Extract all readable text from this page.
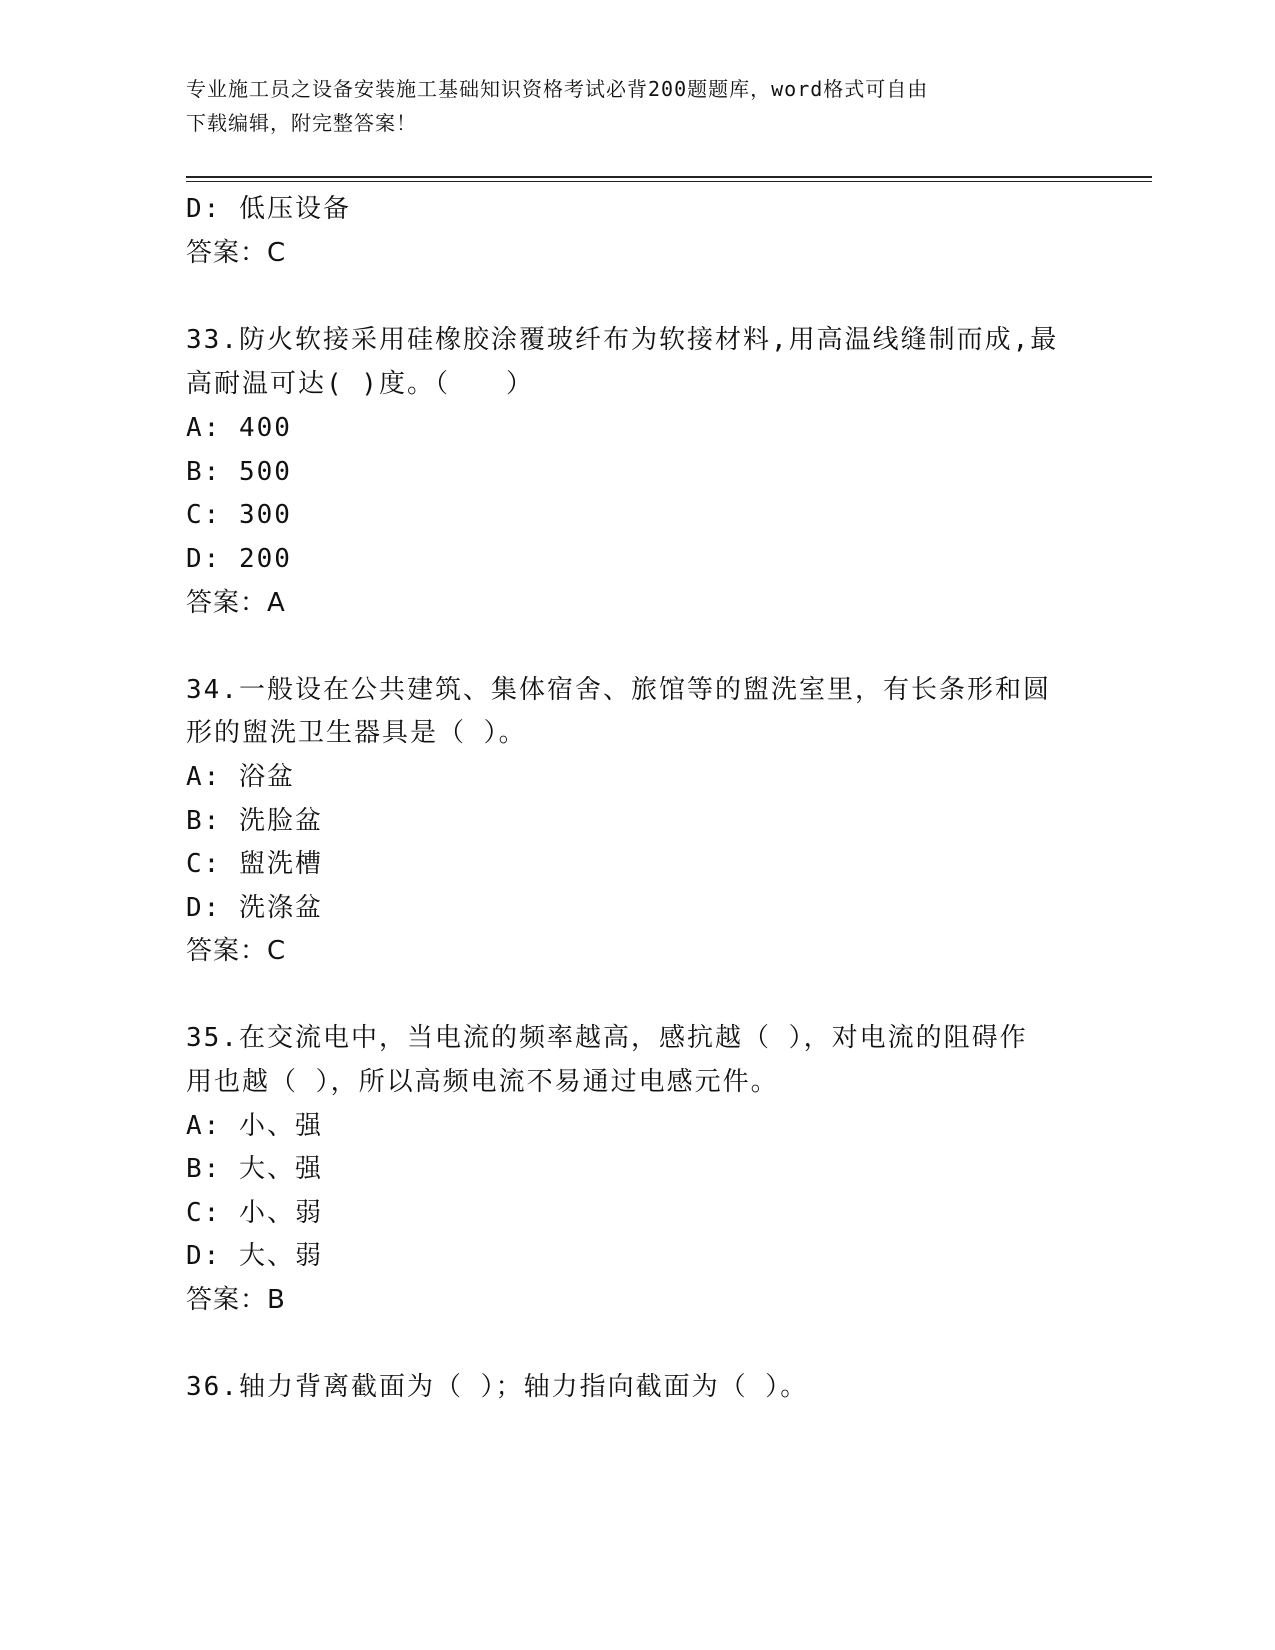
专业施工员之设备安装施工基础知识资格考试必背200题题库，word格式可自由
下载编辑，附完整答案！
D: 低压设备
答案：C
33.防火软接采用硅橡胶涂覆玻纤布为软接材料,用高温线缝制而成,最
高耐温可达( )度。（　　）
A: 400
B: 500
C: 300
D: 200
答案：A
34.一般设在公共建筑、集体宿舍、旅馆等的盥洗室里，有长条形和圆
形的盥洗卫生器具是（ ）。
A: 浴盆
B: 洗脸盆
C: 盥洗槽
D: 洗涤盆
答案：C
35.在交流电中，当电流的频率越高，感抗越（ ），对电流的阻碍作
用也越（ ），所以高频电流不易通过电感元件。
A: 小、强
B: 大、强
C: 小、弱
D: 大、弱
答案：B
36.轴力背离截面为（ ）；轴力指向截面为（ ）。
